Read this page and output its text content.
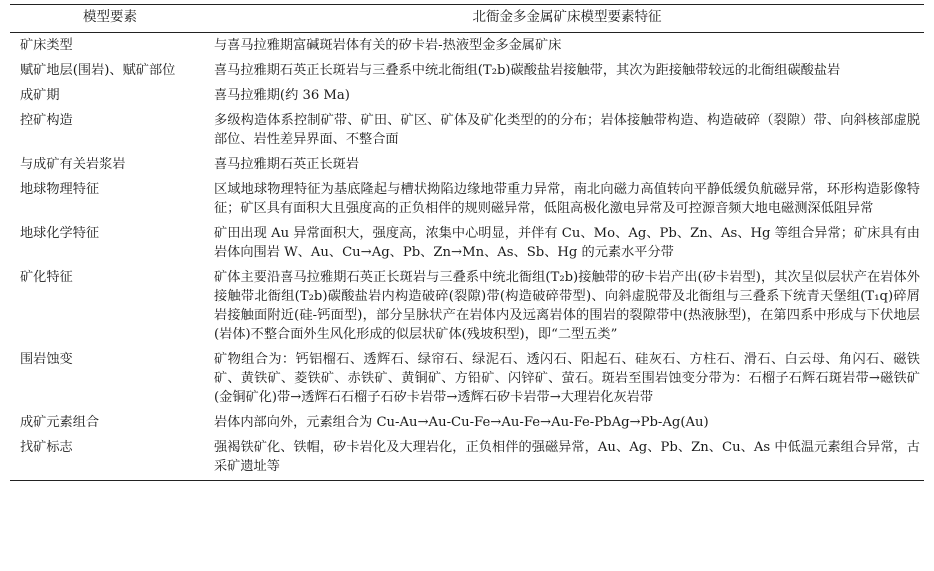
模型要素	北衙金多金属矿床模型要素特征
矿床类型	与喜马拉雅期富碱斑岩体有关的矽卡岩-热液型金多金属矿床
赋矿地层(围岩)、赋矿部位	喜马拉雅期石英正长斑岩与三叠系中统北衙组(T₂b)碳酸盐岩接触带，其次为距接触带较远的北衙组碳酸盐岩
成矿期	喜马拉雅期(约 36 Ma)
控矿构造	多级构造体系控制矿带、矿田、矿区、矿体及矿化类型的的分布；岩体接触带构造、构造破碎（裂隙）带、向斜核部虚脱部位、岩性差异界面、不整合面
与成矿有关岩浆岩	喜马拉雅期石英正长斑岩
地球物理特征	区域地球物理特征为基底隆起与槽状拗陷边缘地带重力异常，南北向磁力高值转向平静低缓负航磁异常，环形构造影像特征；矿区具有面积大且强度高的正负相伴的规则磁异常，低阻高极化激电异常及可控源音频大地电磁测深低阻异常
地球化学特征	矿田出现 Au 异常面积大，强度高，浓集中心明显，并伴有 Cu、Mo、Ag、Pb、Zn、As、Hg 等组合异常；矿床具有由岩体向围岩 W、Au、Cu→Ag、Pb、Zn→Mn、As、Sb、Hg 的元素水平分带
矿化特征	矿体主要沿喜马拉雅期石英正长斑岩与三叠系中统北衙组(T₂b)接触带的矽卡岩产出(矽卡岩型)，其次呈似层状产在岩体外接触带北衙组(T₂b)碳酸盐岩内构造破碎(裂隙)带(构造破碎带型)、向斜虚脱带及北衙组与三叠系下统青天堡组(T₁q)碎屑岩接触面附近(硅-钙面型)，部分呈脉状产在岩体内及远离岩体的围岩的裂隙带中(热液脉型)，在第四系中形成与下伏地层(岩体)不整合面外生风化形成的似层状矿体(残坡积型)，即“二型五类”
围岩蚀变	矿物组合为：钙铝榴石、透辉石、绿帘石、绿泥石、透闪石、阳起石、硅灰石、方柱石、滑石、白云母、角闪石、磁铁矿、黄铁矿、菱铁矿、赤铁矿、黄铜矿、方铅矿、闪锌矿、萤石。斑岩至围岩蚀变分带为：石榴子石辉石斑岩带→磁铁矿(金铜矿化)带→透辉石石榴子石矽卡岩带→透辉石矽卡岩带→大理岩化灰岩带
成矿元素组合	岩体内部向外，元素组合为 Cu-Au→Au-Cu-Fe→Au-Fe→Au-Fe-PbAg→Pb-Ag(Au)
找矿标志	强褐铁矿化、铁帽，矽卡岩化及大理岩化，正负相伴的强磁异常，Au、Ag、Pb、Zn、Cu、As 中低温元素组合异常，古采矿遗址等
